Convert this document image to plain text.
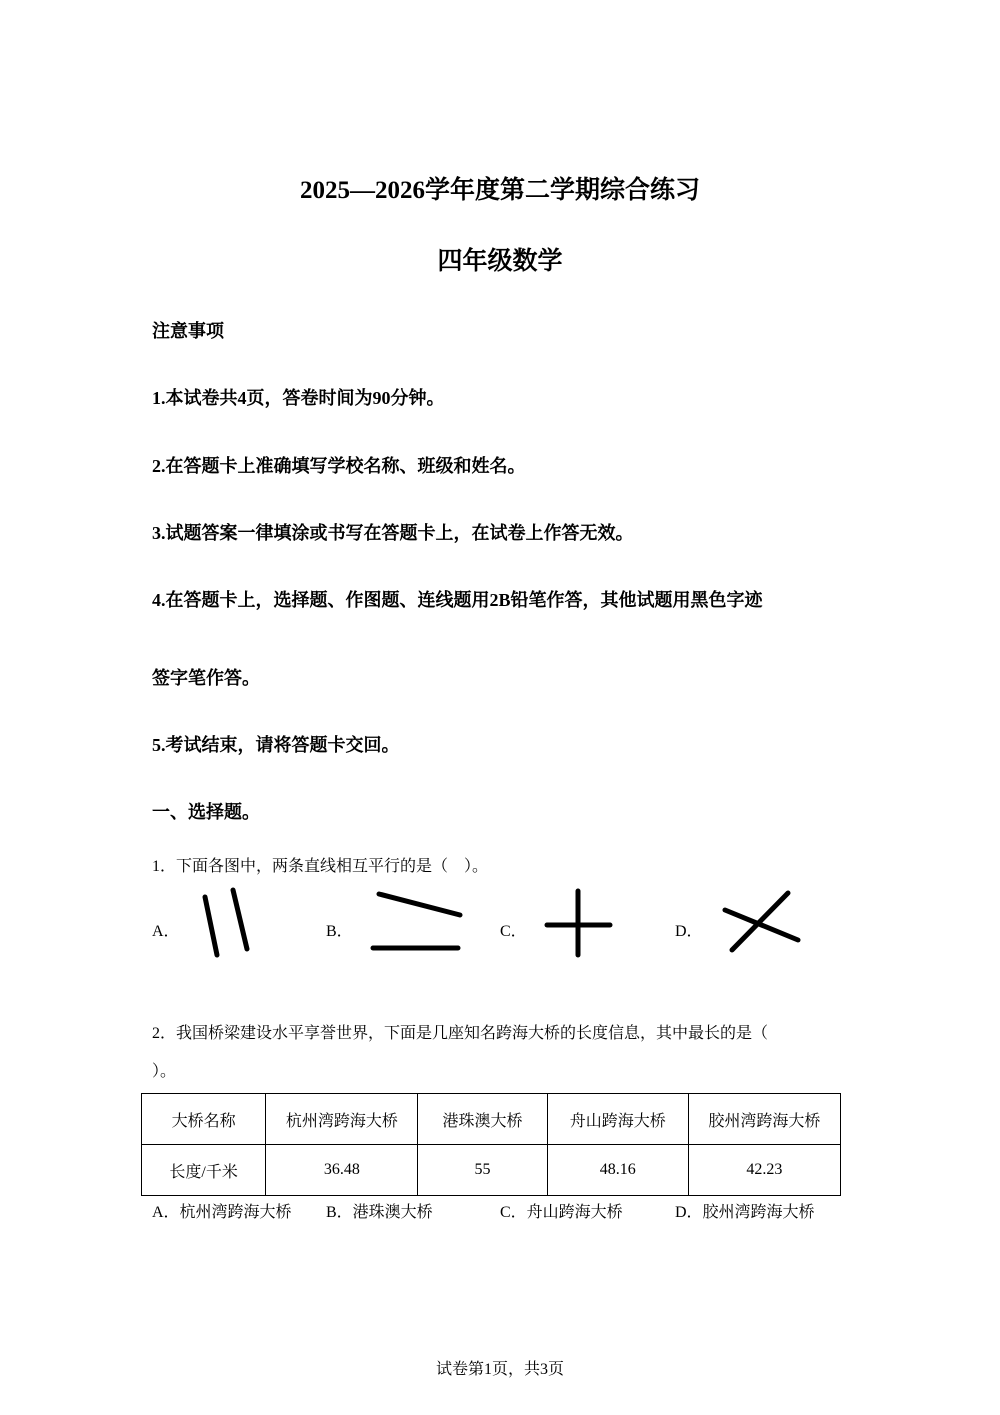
2025—2026学年度第二学期综合练习
四年级数学
注意事项
1.本试卷共4页，答卷时间为90分钟。
2.在答题卡上准确填写学校名称、班级和姓名。
3.试题答案一律填涂或书写在答题卡上，在试卷上作答无效。
4.在答题卡上，选择题、作图题、连线题用2B铅笔作答，其他试题用黑色字迹
签字笔作答。
5.考试结束，请将答题卡交回。
一、选择题。
1．下面各图中，两条直线相互平行的是（　）。
A．	B．	C．	D．
2．我国桥梁建设水平享誉世界，下面是几座知名跨海大桥的长度信息，其中最长的是（
）。
大桥名称	杭州湾跨海大桥	港珠澳大桥	舟山跨海大桥	胶州湾跨海大桥
长度/千米	36.48	55	48.16	42.23
A．杭州湾跨海大桥 B．港珠澳大桥	C．舟山跨海大桥	D．胶州湾跨海大桥
试卷第1页，共3页
